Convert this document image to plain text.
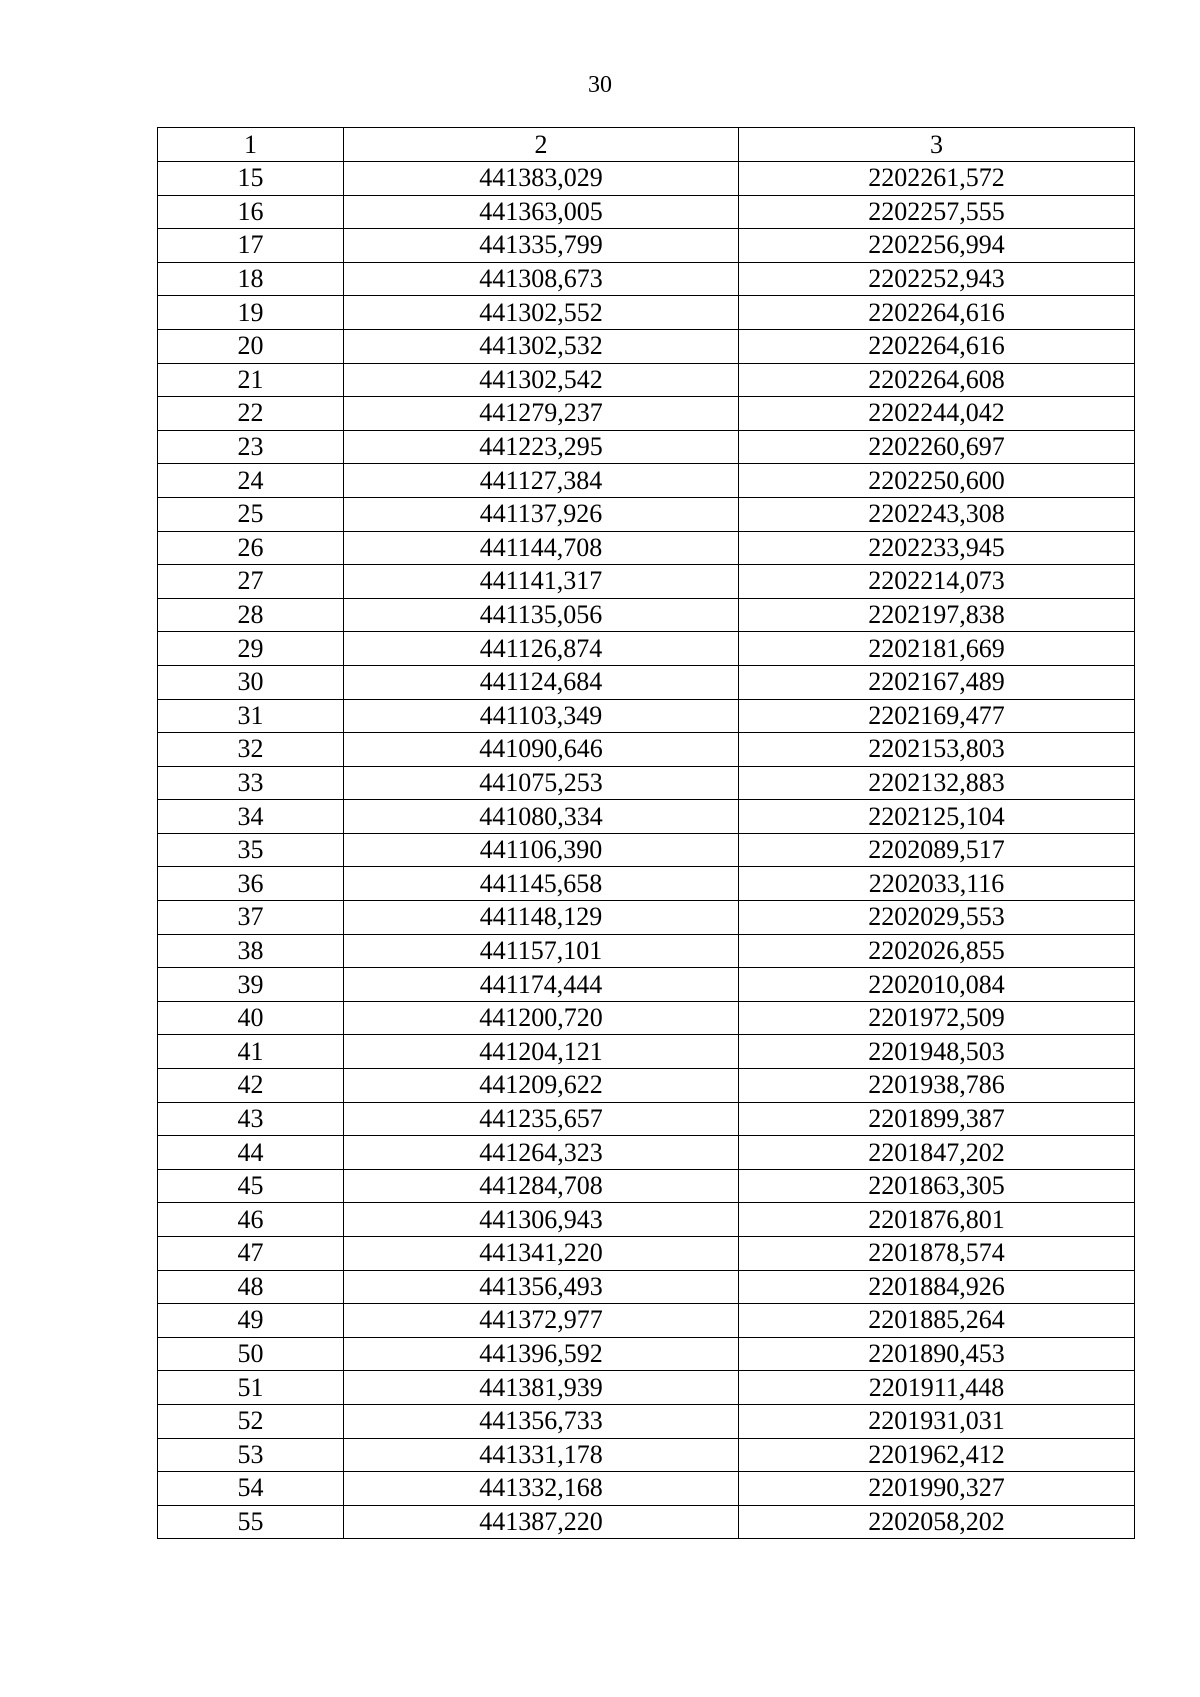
30
1	2	3
15	441383,029	2202261,572
16	441363,005	2202257,555
17	441335,799	2202256,994
18	441308,673	2202252,943
19	441302,552	2202264,616
20	441302,532	2202264,616
21	441302,542	2202264,608
22	441279,237	2202244,042
23	441223,295	2202260,697
24	441127,384	2202250,600
25	441137,926	2202243,308
26	441144,708	2202233,945
27	441141,317	2202214,073
28	441135,056	2202197,838
29	441126,874	2202181,669
30	441124,684	2202167,489
31	441103,349	2202169,477
32	441090,646	2202153,803
33	441075,253	2202132,883
34	441080,334	2202125,104
35	441106,390	2202089,517
36	441145,658	2202033,116
37	441148,129	2202029,553
38	441157,101	2202026,855
39	441174,444	2202010,084
40	441200,720	2201972,509
41	441204,121	2201948,503
42	441209,622	2201938,786
43	441235,657	2201899,387
44	441264,323	2201847,202
45	441284,708	2201863,305
46	441306,943	2201876,801
47	441341,220	2201878,574
48	441356,493	2201884,926
49	441372,977	2201885,264
50	441396,592	2201890,453
51	441381,939	2201911,448
52	441356,733	2201931,031
53	441331,178	2201962,412
54	441332,168	2201990,327
55	441387,220	2202058,202
